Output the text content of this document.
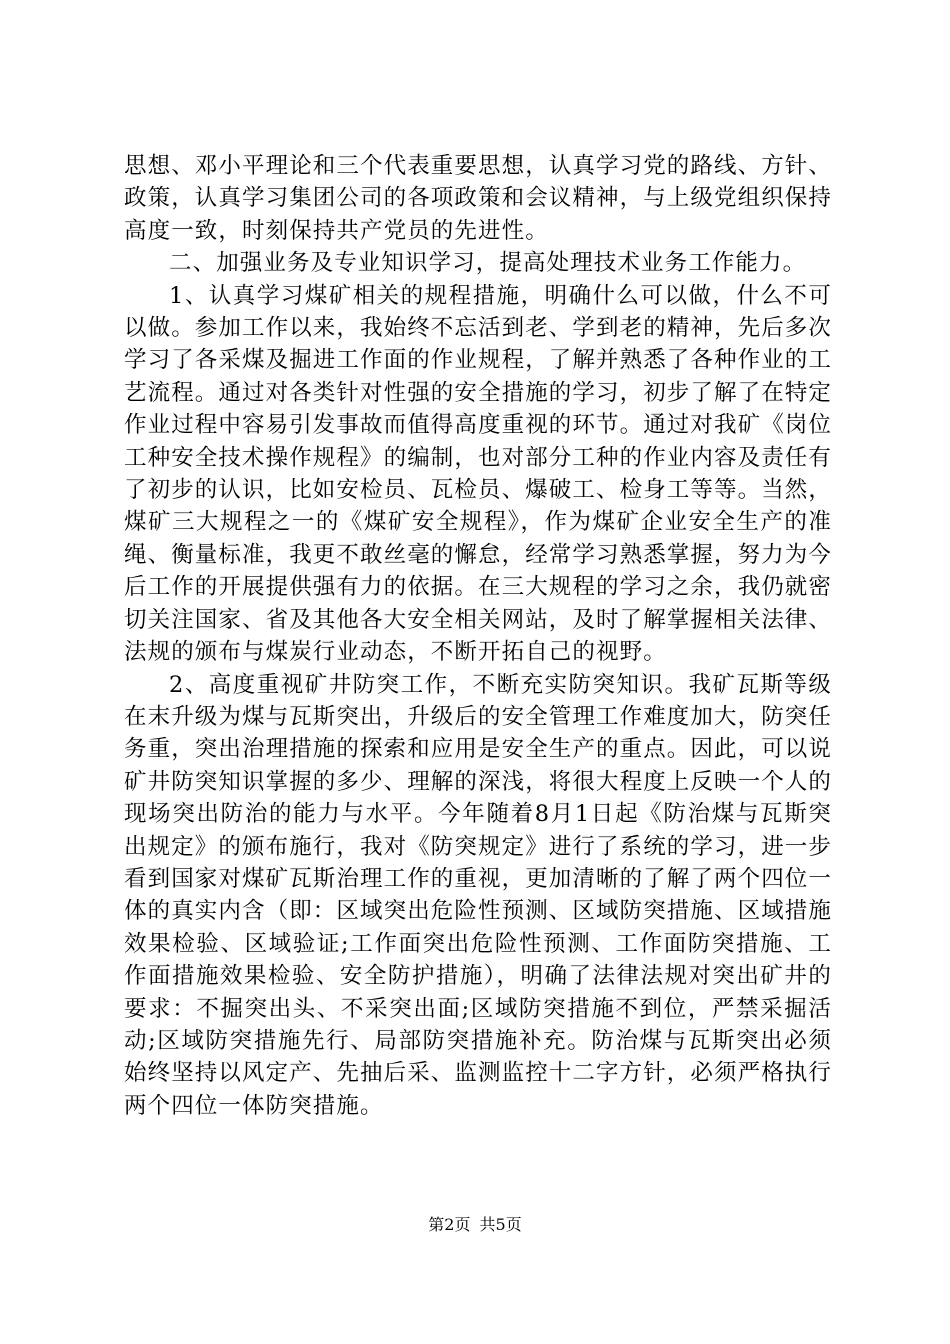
思想、邓小平理论和三个代表重要思想，认真学习党的路线、方针、政策，认真学习集团公司的各项政策和会议精神，与上级党组织保持高度一致，时刻保持共产党员的先进性。

二、加强业务及专业知识学习，提高处理技术业务工作能力。

1、认真学习煤矿相关的规程措施，明确什么可以做，什么不可以做。参加工作以来，我始终不忘活到老、学到老的精神，先后多次学习了各采煤及掘进工作面的作业规程，了解并熟悉了各种作业的工艺流程。通过对各类针对性强的安全措施的学习，初步了解了在特定作业过程中容易引发事故而值得高度重视的环节。通过对我矿《岗位工种安全技术操作规程》的编制，也对部分工种的作业内容及责任有了初步的认识，比如安检员、瓦检员、爆破工、检身工等等。当然，煤矿三大规程之一的《煤矿安全规程》，作为煤矿企业安全生产的准绳、衡量标准，我更不敢丝毫的懈怠，经常学习熟悉掌握，努力为今后工作的开展提供强有力的依据。在三大规程的学习之余，我仍就密切关注国家、省及其他各大安全相关网站，及时了解掌握相关法律、法规的颁布与煤炭行业动态，不断开拓自己的视野。

2、高度重视矿井防突工作，不断充实防突知识。我矿瓦斯等级在末升级为煤与瓦斯突出，升级后的安全管理工作难度加大，防突任务重，突出治理措施的探索和应用是安全生产的重点。因此，可以说矿井防突知识掌握的多少、理解的深浅，将很大程度上反映一个人的现场突出防治的能力与水平。今年随着8月1日起《防治煤与瓦斯突出规定》的颁布施行，我对《防突规定》进行了系统的学习，进一步看到国家对煤矿瓦斯治理工作的重视，更加清晰的了解了两个四位一体的真实内含（即：区域突出危险性预测、区域防突措施、区域措施效果检验、区域验证;工作面突出危险性预测、工作面防突措施、工作面措施效果检验、安全防护措施），明确了法律法规对突出矿井的要求：不掘突出头、不采突出面;区域防突措施不到位，严禁采掘活动;区域防突措施先行、局部防突措施补充。防治煤与瓦斯突出必须始终坚持以风定产、先抽后采、监测监控十二字方针，必须严格执行两个四位一体防突措施。

第2页 共5页
